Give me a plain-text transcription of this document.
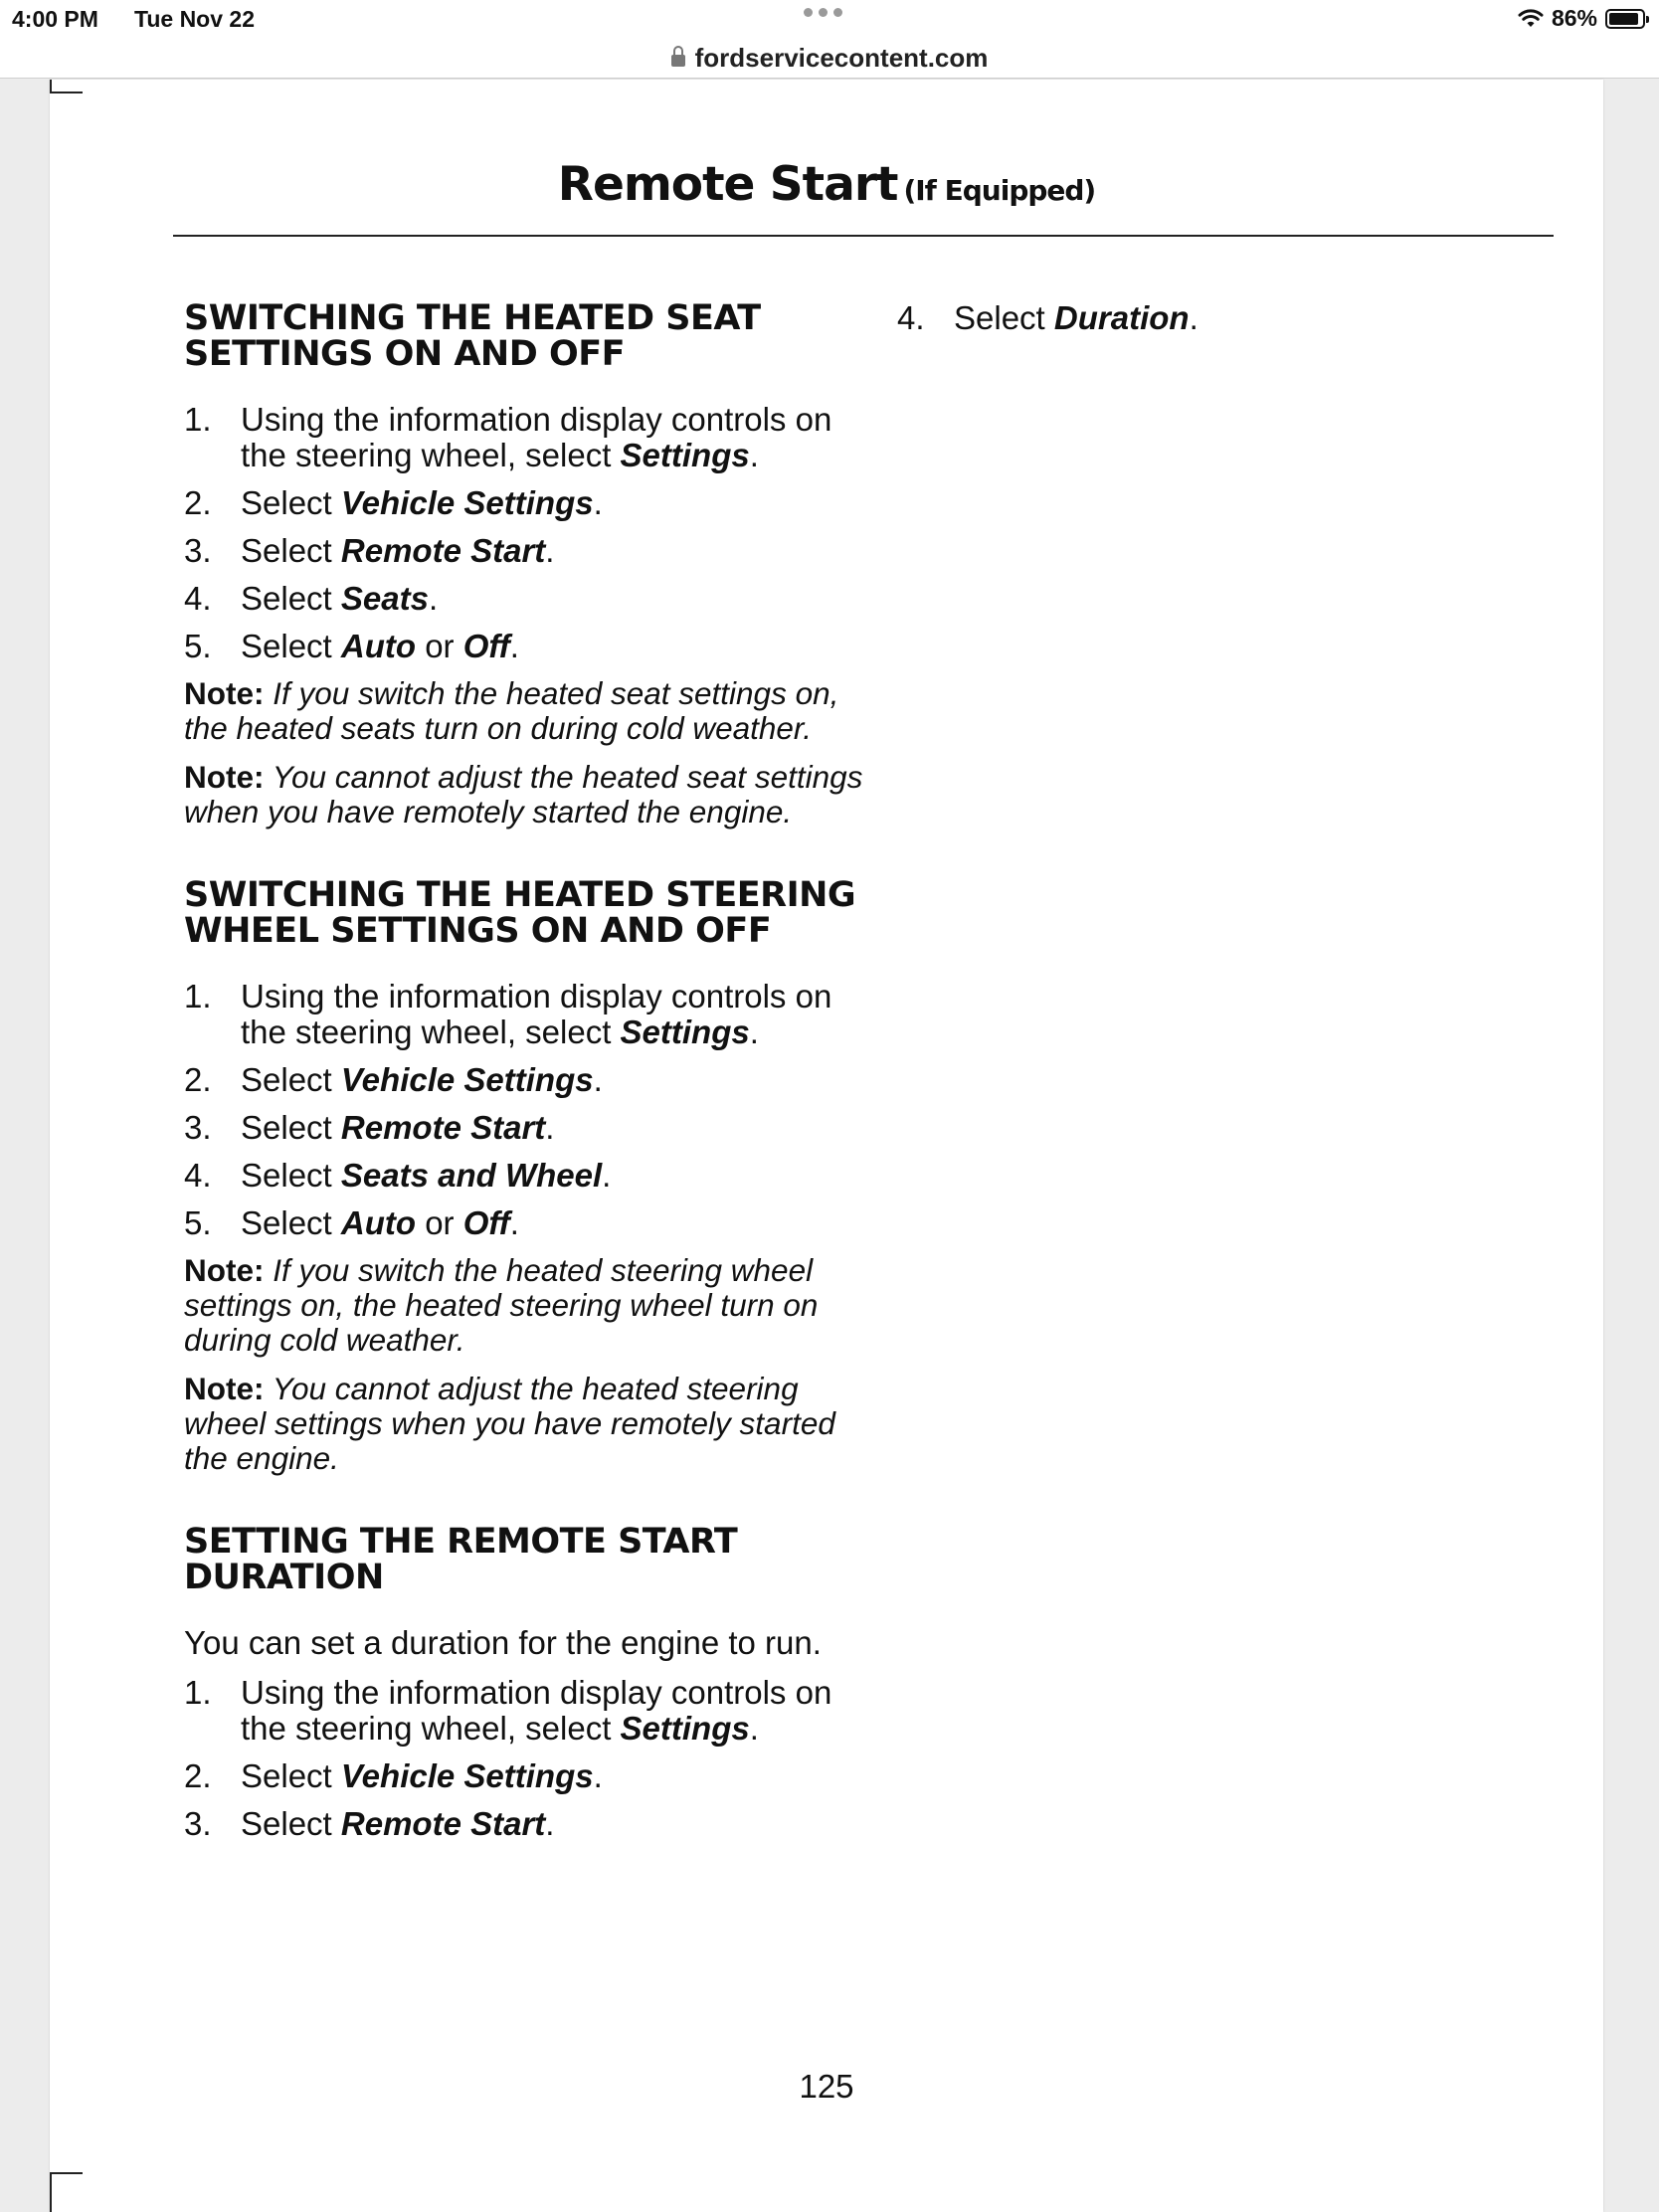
4:00 PM Tue Nov 22	86%
fordservicecontent.com
Remote Start (If Equipped)
SWITCHING THE HEATED SEAT SETTINGS ON AND OFF
1. Using the information display controls on the steering wheel, select Settings.
2. Select Vehicle Settings.
3. Select Remote Start.
4. Select Seats.
5. Select Auto or Off.

Note: If you switch the heated seat settings on, the heated seats turn on during cold weather.

Note: You cannot adjust the heated seat settings when you have remotely started the engine.

SWITCHING THE HEATED STEERING WHEEL SETTINGS ON AND OFF
1. Using the information display controls on the steering wheel, select Settings.
2. Select Vehicle Settings.
3. Select Remote Start.
4. Select Seats and Wheel.
5. Select Auto or Off.

Note: If you switch the heated steering wheel settings on, the heated steering wheel turn on during cold weather.

Note: You cannot adjust the heated steering wheel settings when you have remotely started the engine.

SETTING THE REMOTE START DURATION

You can set a duration for the engine to run.

1. Using the information display controls on the steering wheel, select Settings.
2. Select Vehicle Settings.
3. Select Remote Start.
4. Select Duration.
125
